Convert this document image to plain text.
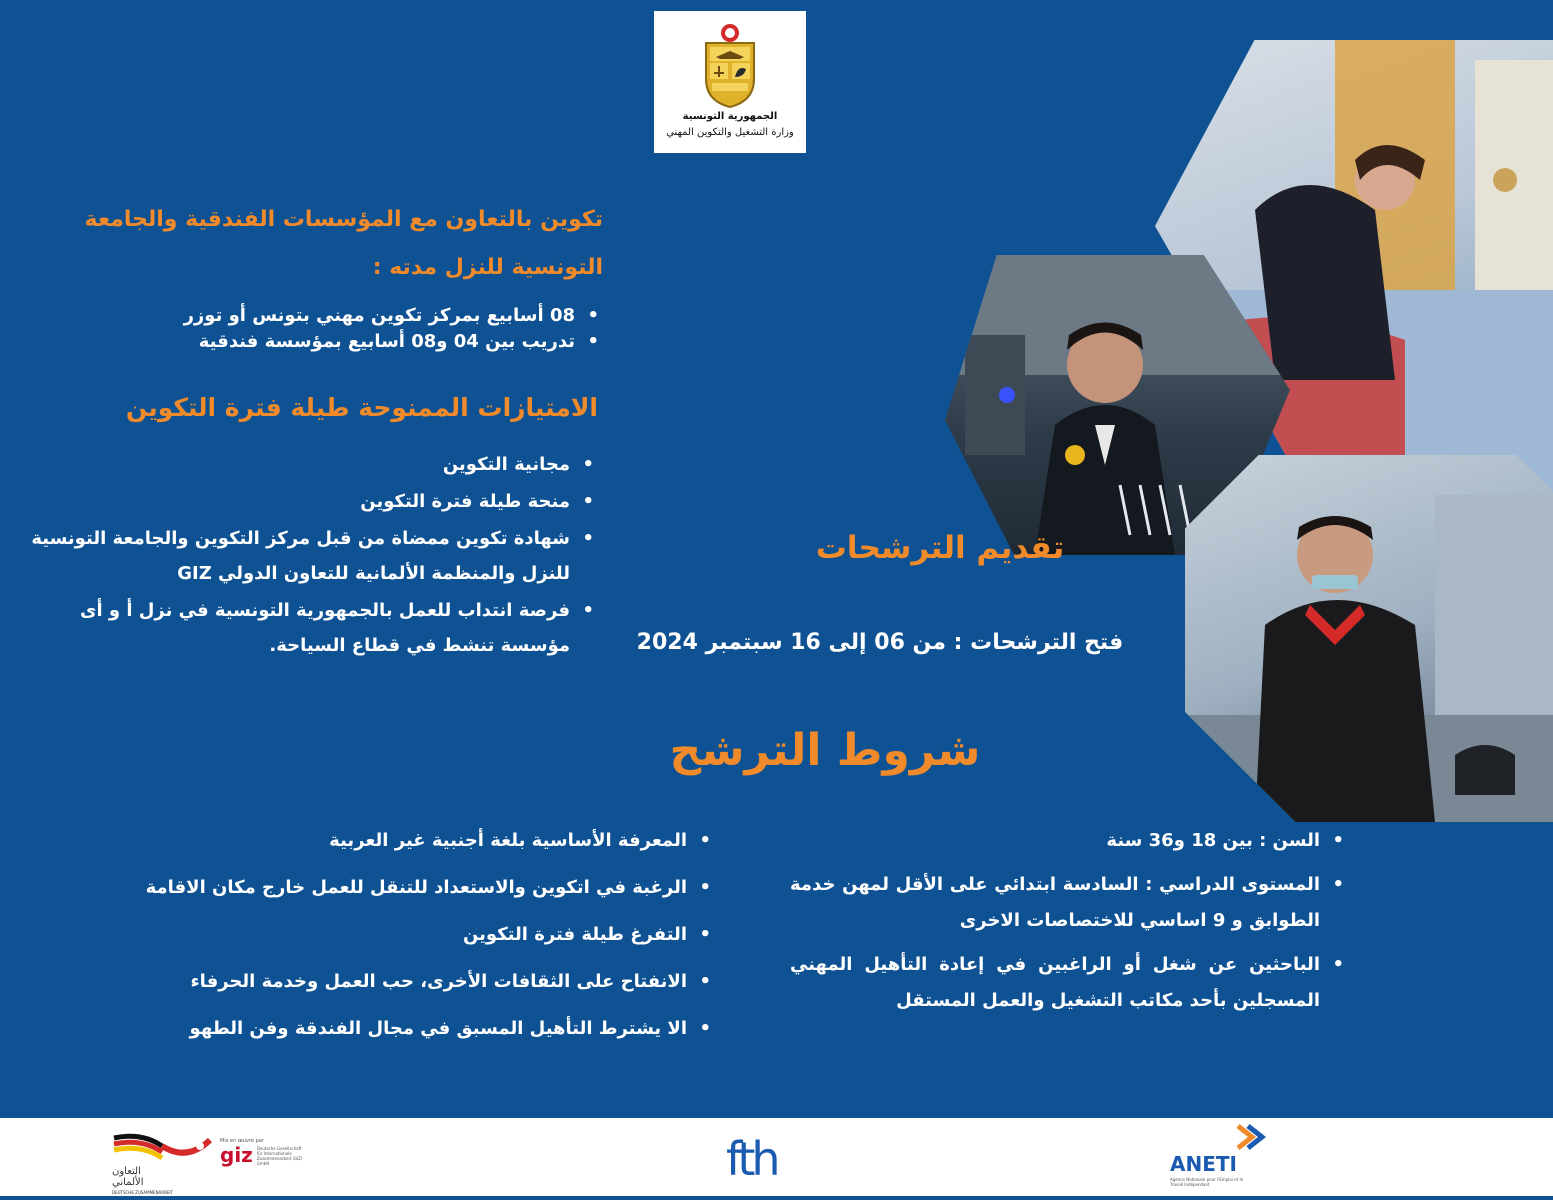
الجمهورية التونسية
وزارة التشغيل والتكوين المهني
تكوين بالتعاون مع المؤسسات الفندقية والجامعة التونسية للنزل مدته :
•
08 أسابيع بمركز تكوين مهني بتونس أو توزر
•
تدريب بين 04 و08 أسابيع بمؤسسة فندقية
الامتيازات الممنوحة طيلة فترة التكوين
•
مجانية التكوين
•
منحة طيلة فترة التكوين
•
شهادة تكوين ممضاة من قبل مركز التكوين والجامعة التونسية للنزل والمنظمة الألمانية للتعاون الدولي GIZ
•
فرصة انتداب للعمل بالجمهورية التونسية في نزل أ و أى مؤسسة تنشط في قطاع السياحة.
تقديم الترشحات
فتح الترشحات : من 06 إلى 16 سبتمبر 2024
شروط الترشح
•
السن : بين 18 و36 سنة
•
المستوى الدراسي : السادسة ابتدائي على الأقل لمهن خدمة الطوابق و 9 اساسي للاختصاصات الاخرى
•
الباحثين عن شغل أو الراغبين في إعادة التأهيل المهني المسجلين بأحد مكاتب التشغيل والعمل المستقل
•
المعرفة الأساسية بلغة أجنبية غير العربية
•
الرغبة في اتكوين والاستعداد للتنقل للعمل خارج مكان الاقامة
•
التفرغ طيلة فترة التكوين
•
الانفتاح على الثقافات الأخرى، حب العمل وخدمة الحرفاء
•
الا يشترط التأهيل المسبق في مجال الفندقة وفن الطهو
التعاون الألماني
DEUTSCHE ZUSAMMENARBEIT
Mis en œuvre par
giz Deutsche Gesellschaft für Internationale Zusammenarbeit (GIZ) GmbH	fth	ANETI
Agence Nationale pour l'Emploi et le Travail Indépendant
